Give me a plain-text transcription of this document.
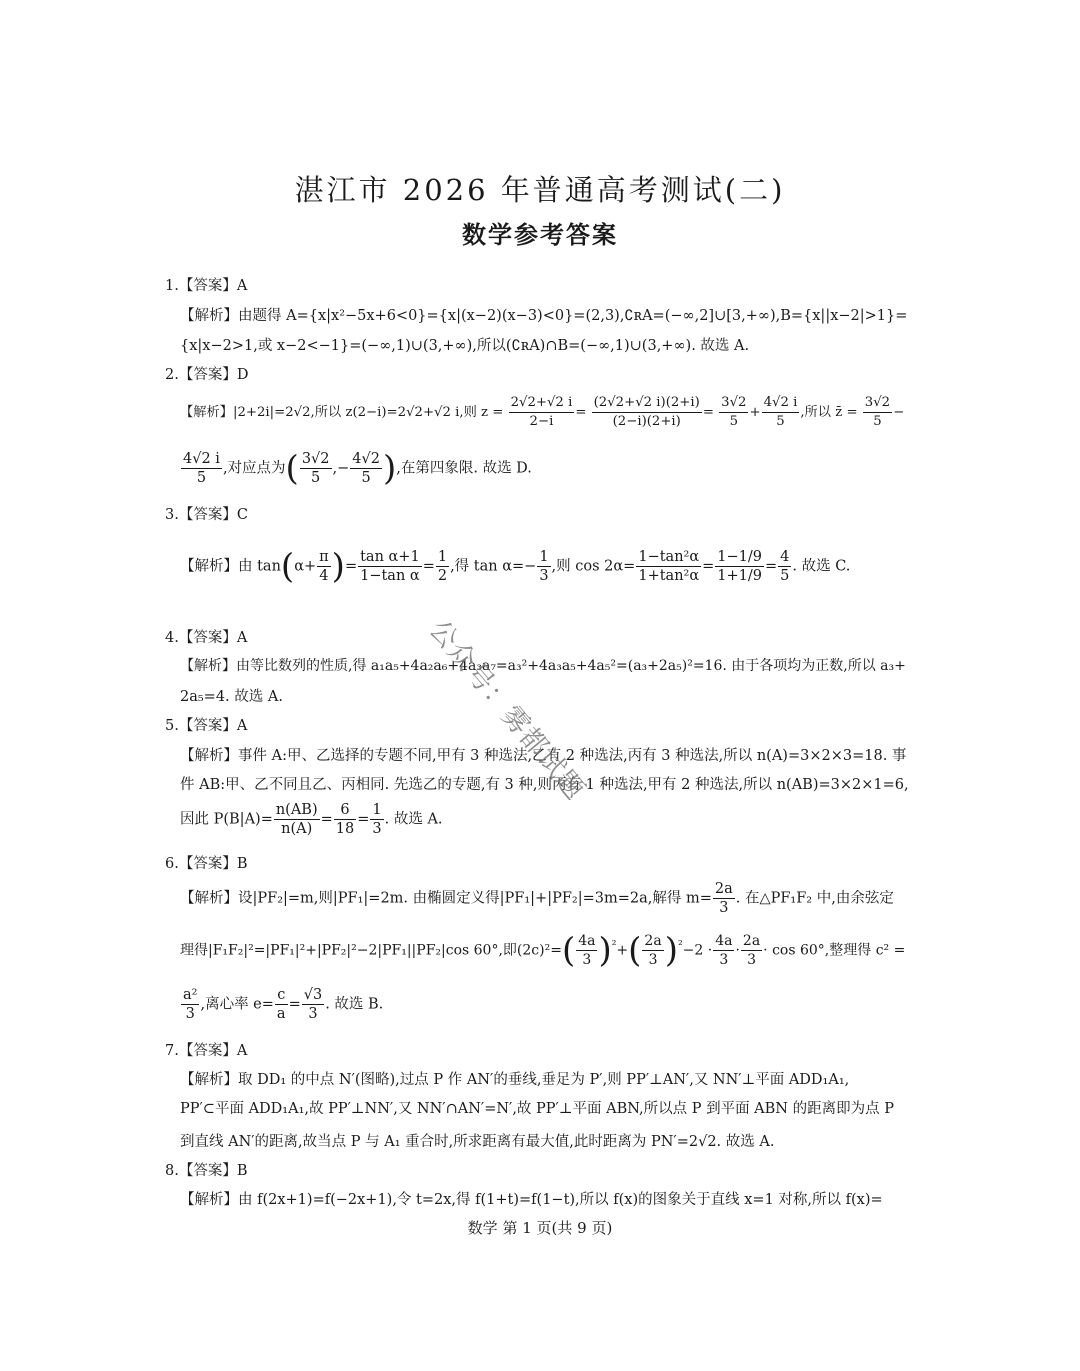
湛江市 2026 年普通高考测试(二)
数学参考答案
1.【答案】A
【解析】由题得 A={x|x²−5x+6<0}={x|(x−2)(x−3)<0}=(2,3),∁ʀA=(−∞,2]∪[3,+∞),B={x||x−2|>1}=
{x|x−2>1,或 x−2<−1}=(−∞,1)∪(3,+∞),所以(∁ʀA)∩B=(−∞,1)∪(3,+∞). 故选 A.
2.【答案】D
【解析】|2+2i|=2√2,所以 z(2−i)=2√2+√2 i,则 $z = \frac{2√2+√2 i}{2-i} = \frac{(2√2+√2 i)(2+i)}{(2-i)(2+i)} = \frac{3√2}{5} + \frac{4√2 i}{5}$ ,所以 z̄ = $\frac{3√2}{5}$ −
$\frac{4√2 i}{5}$ ,对应点为( $\frac{3√2}{5}$ ,− $\frac{4√2}{5}$ ),在第四象限. 故选 D.
3.【答案】C
【解析】由 $\tan(\alpha+ \frac{\pi}{4}$ )= $\frac{\text{tan α+1}}{\text{1−tan α}} = \frac{1}{2}$ ,得 $\tan \alpha=- \frac{1}{3}$ ,则 $\cos 2\alpha= \frac{\text{1−tan²α}}{\text{1+tan²α}} = \frac{1-1/9}{1+1/9} = \frac{4}{5}$ . 故选 C.
4.【答案】A
【解析】由等比数列的性质,得 a₁a₅+4a₂a₆+4a₃a₇=a₃²+4a₃a₅+4a₅²=(a₃+2a₅)²=16. 由于各项均为正数,所以 a₃+
2a₅=4. 故选 A.
5.【答案】A
【解析】事件 A:甲、乙选择的专题不同,甲有 3 种选法,乙有 2 种选法,丙有 3 种选法,所以 n(A)=3×2×3=18. 事
件 AB:甲、乙不同且乙、丙相同. 先选乙的专题,有 3 种,则丙有 1 种选法,甲有 2 种选法,所以 n(AB)=3×2×1=6,
因此 $P(B|A)= \frac{n(AB)}{n(A)} = \frac{6}{18} = \frac{1}{3}$ . 故选 A.
6.【答案】B
【解析】设|PF₂|=m,则|PF₁|=2m. 由椭圆定义得|PF₁|+|PF₂|=3m=2a,解得 $m= \frac{2a}{3}$ . 在△PF₁F₂ 中,由余弦定
理得|F₁F₂|²=|PF₁|²+|PF₂|²−2|PF₁||PF₂|cos 60°,即$(2c)^2=( \frac{4a}{3} )^{^2}+( \frac{2a}{3} )^{^2}-2 \cdot \frac{4a}{3} \cdot \frac{2a}{3} \cdot \cos 60^\circ$,整理得 c² =
$\frac{\text{a²}}{3}$ ,离心率 $e= \frac{c}{a} = \frac{√3}{3}$ . 故选 B.
7.【答案】A
【解析】取 DD₁ 的中点 N′(图略),过点 P 作 AN′的垂线,垂足为 P′,则 PP′⊥AN′,又 NN′⊥平面 ADD₁A₁,
PP′⊂平面 ADD₁A₁,故 PP′⊥NN′,又 NN′∩AN′=N′,故 PP′⊥平面 ABN,所以点 P 到平面 ABN 的距离即为点 P
到直线 AN′的距离,故当点 P 与 A₁ 重合时,所求距离有最大值,此时距离为 PN′=2√2. 故选 A.
8.【答案】B
【解析】由 f(2x+1)=f(−2x+1),令 t=2x,得 f(1+t)=f(1−t),所以 f(x)的图象关于直线 x=1 对称,所以 f(x)=
公众号：雾都试题
数学 第 1 页(共 9 页)
